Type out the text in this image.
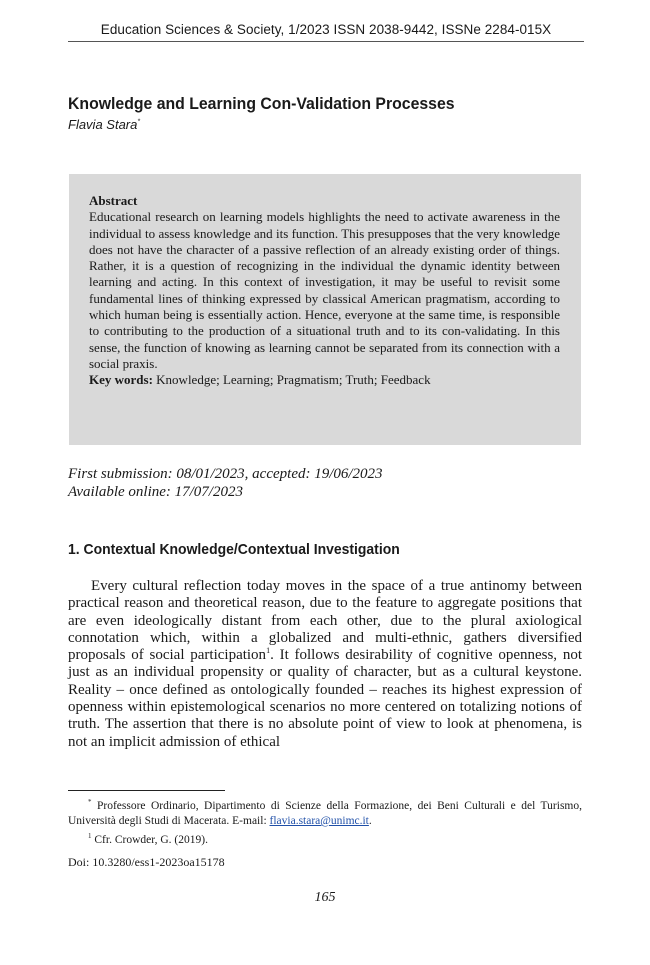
Education Sciences & Society, 1/2023 ISSN 2038-9442, ISSNe 2284-015X
Knowledge and Learning Con-Validation Processes
Flavia Stara*
Abstract
Educational research on learning models highlights the need to activate awareness in the individual to assess knowledge and its function. This presupposes that the very knowledge does not have the character of a passive reflection of an already existing order of things. Rather, it is a question of recognizing in the individual the dynamic identity between learning and acting. In this context of investigation, it may be useful to revisit some fundamental lines of thinking expressed by classical American pragmatism, according to which human being is essentially action. Hence, everyone at the same time, is responsible to contributing to the production of a situational truth and to its con-validating. In this sense, the function of knowing as learning cannot be separated from its connection with a social praxis.
Key words: Knowledge; Learning; Pragmatism; Truth; Feedback
First submission: 08/01/2023, accepted: 19/06/2023
Available online: 17/07/2023
1. Contextual Knowledge/Contextual Investigation
Every cultural reflection today moves in the space of a true antinomy between practical reason and theoretical reason, due to the feature to aggregate positions that are even ideologically distant from each other, due to the plural axiological connotation which, within a globalized and multi-ethnic, gathers diversified proposals of social participation$^1$. It follows desirability of cognitive openness, not just as an individual propensity or quality of character, but as a cultural keystone. Reality – once defined as ontologically founded – reaches its highest expression of openness within epistemological scenarios no more centered on totalizing notions of truth. The assertion that there is no absolute point of view to look at phenomena, is not an implicit admission of ethical
* Professore Ordinario, Dipartimento di Scienze della Formazione, dei Beni Culturali e del Turismo, Università degli Studi di Macerata. E-mail: flavia.stara@unimc.it.
$^1$ Cfr. Crowder, G. (2019).
Doi: 10.3280/ess1-2023oa15178
165
